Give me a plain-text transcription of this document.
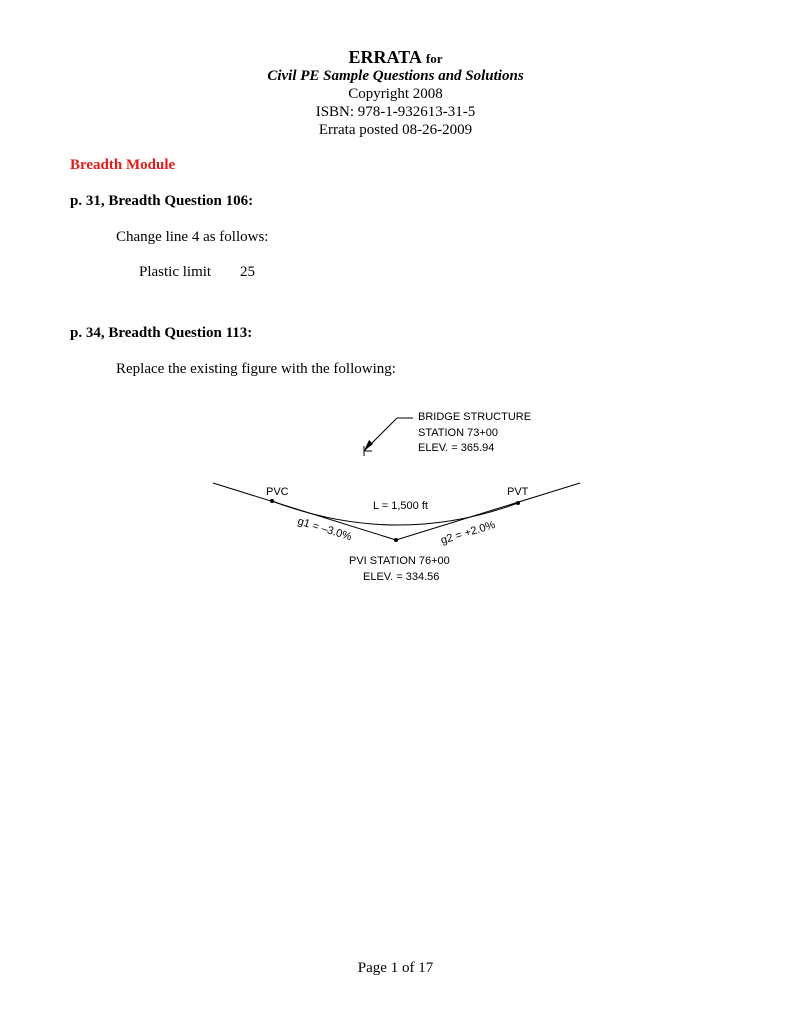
ERRATA for
Civil PE Sample Questions and Solutions
Copyright 2008
ISBN: 978-1-932613-31-5
Errata posted 08-26-2009
Breadth Module
p. 31, Breadth Question 106:
Change line 4 as follows:
Plastic limit 25
p. 34, Breadth Question 113:
Replace the existing figure with the following:
BRIDGE STRUCTURE
STATION 73+00
ELEV. = 365.94
PVC	PVT
L = 1,500 ft
g1 = –3.0%	g2 = +2.0%
PVI STATION 76+00
ELEV. = 334.56
Page 1 of 17
